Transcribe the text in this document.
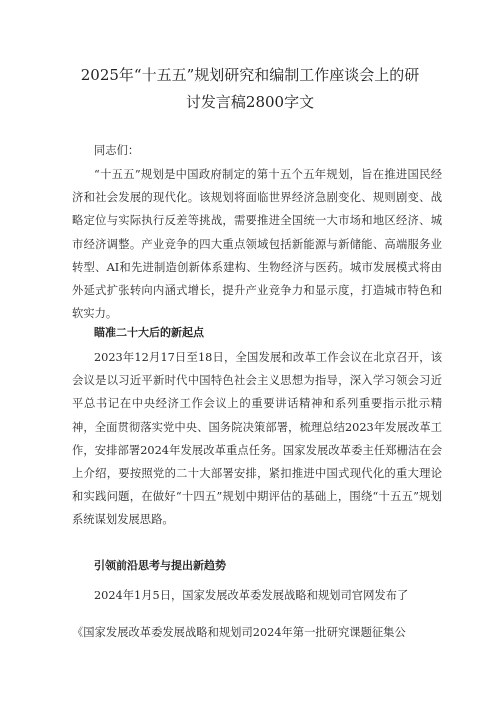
2025年“十五五”规划研究和编制工作座谈会上的研
讨发言稿2800字文

同志们：

“十五五”规划是中国政府制定的第十五个五年规划，旨在推进国民经济和社会发展的现代化。该规划将面临世界经济急剧变化、规则剧变、战略定位与实际执行反差等挑战，需要推进全国统一大市场和地区经济、城市经济调整。产业竞争的四大重点领域包括新能源与新储能、高端服务业转型、AI和先进制造创新体系建构、生物经济与医药。城市发展模式将由外延式扩张转向内涵式增长，提升产业竞争力和显示度，打造城市特色和软实力。

瞄准二十大后的新起点

2023年12月17日至18日，全国发展和改革工作会议在北京召开，该会议是以习近平新时代中国特色社会主义思想为指导，深入学习领会习近平总书记在中央经济工作会议上的重要讲话精神和系列重要指示批示精神，全面贯彻落实党中央、国务院决策部署，梳理总结2023年发展改革工作，安排部署2024年发展改革重点任务。国家发展改革委主任郑栅洁在会上介绍，要按照党的二十大部署安排，紧扣推进中国式现代化的重大理论和实践问题，在做好“十四五”规划中期评估的基础上，围绕“十五五”规划系统谋划发展思路。

引领前沿思考与提出新趋势

2024年1月5日，国家发展改革委发展战略和规划司官网发布了

《国家发展改革委发展战略和规划司2024年第一批研究课题征集公
